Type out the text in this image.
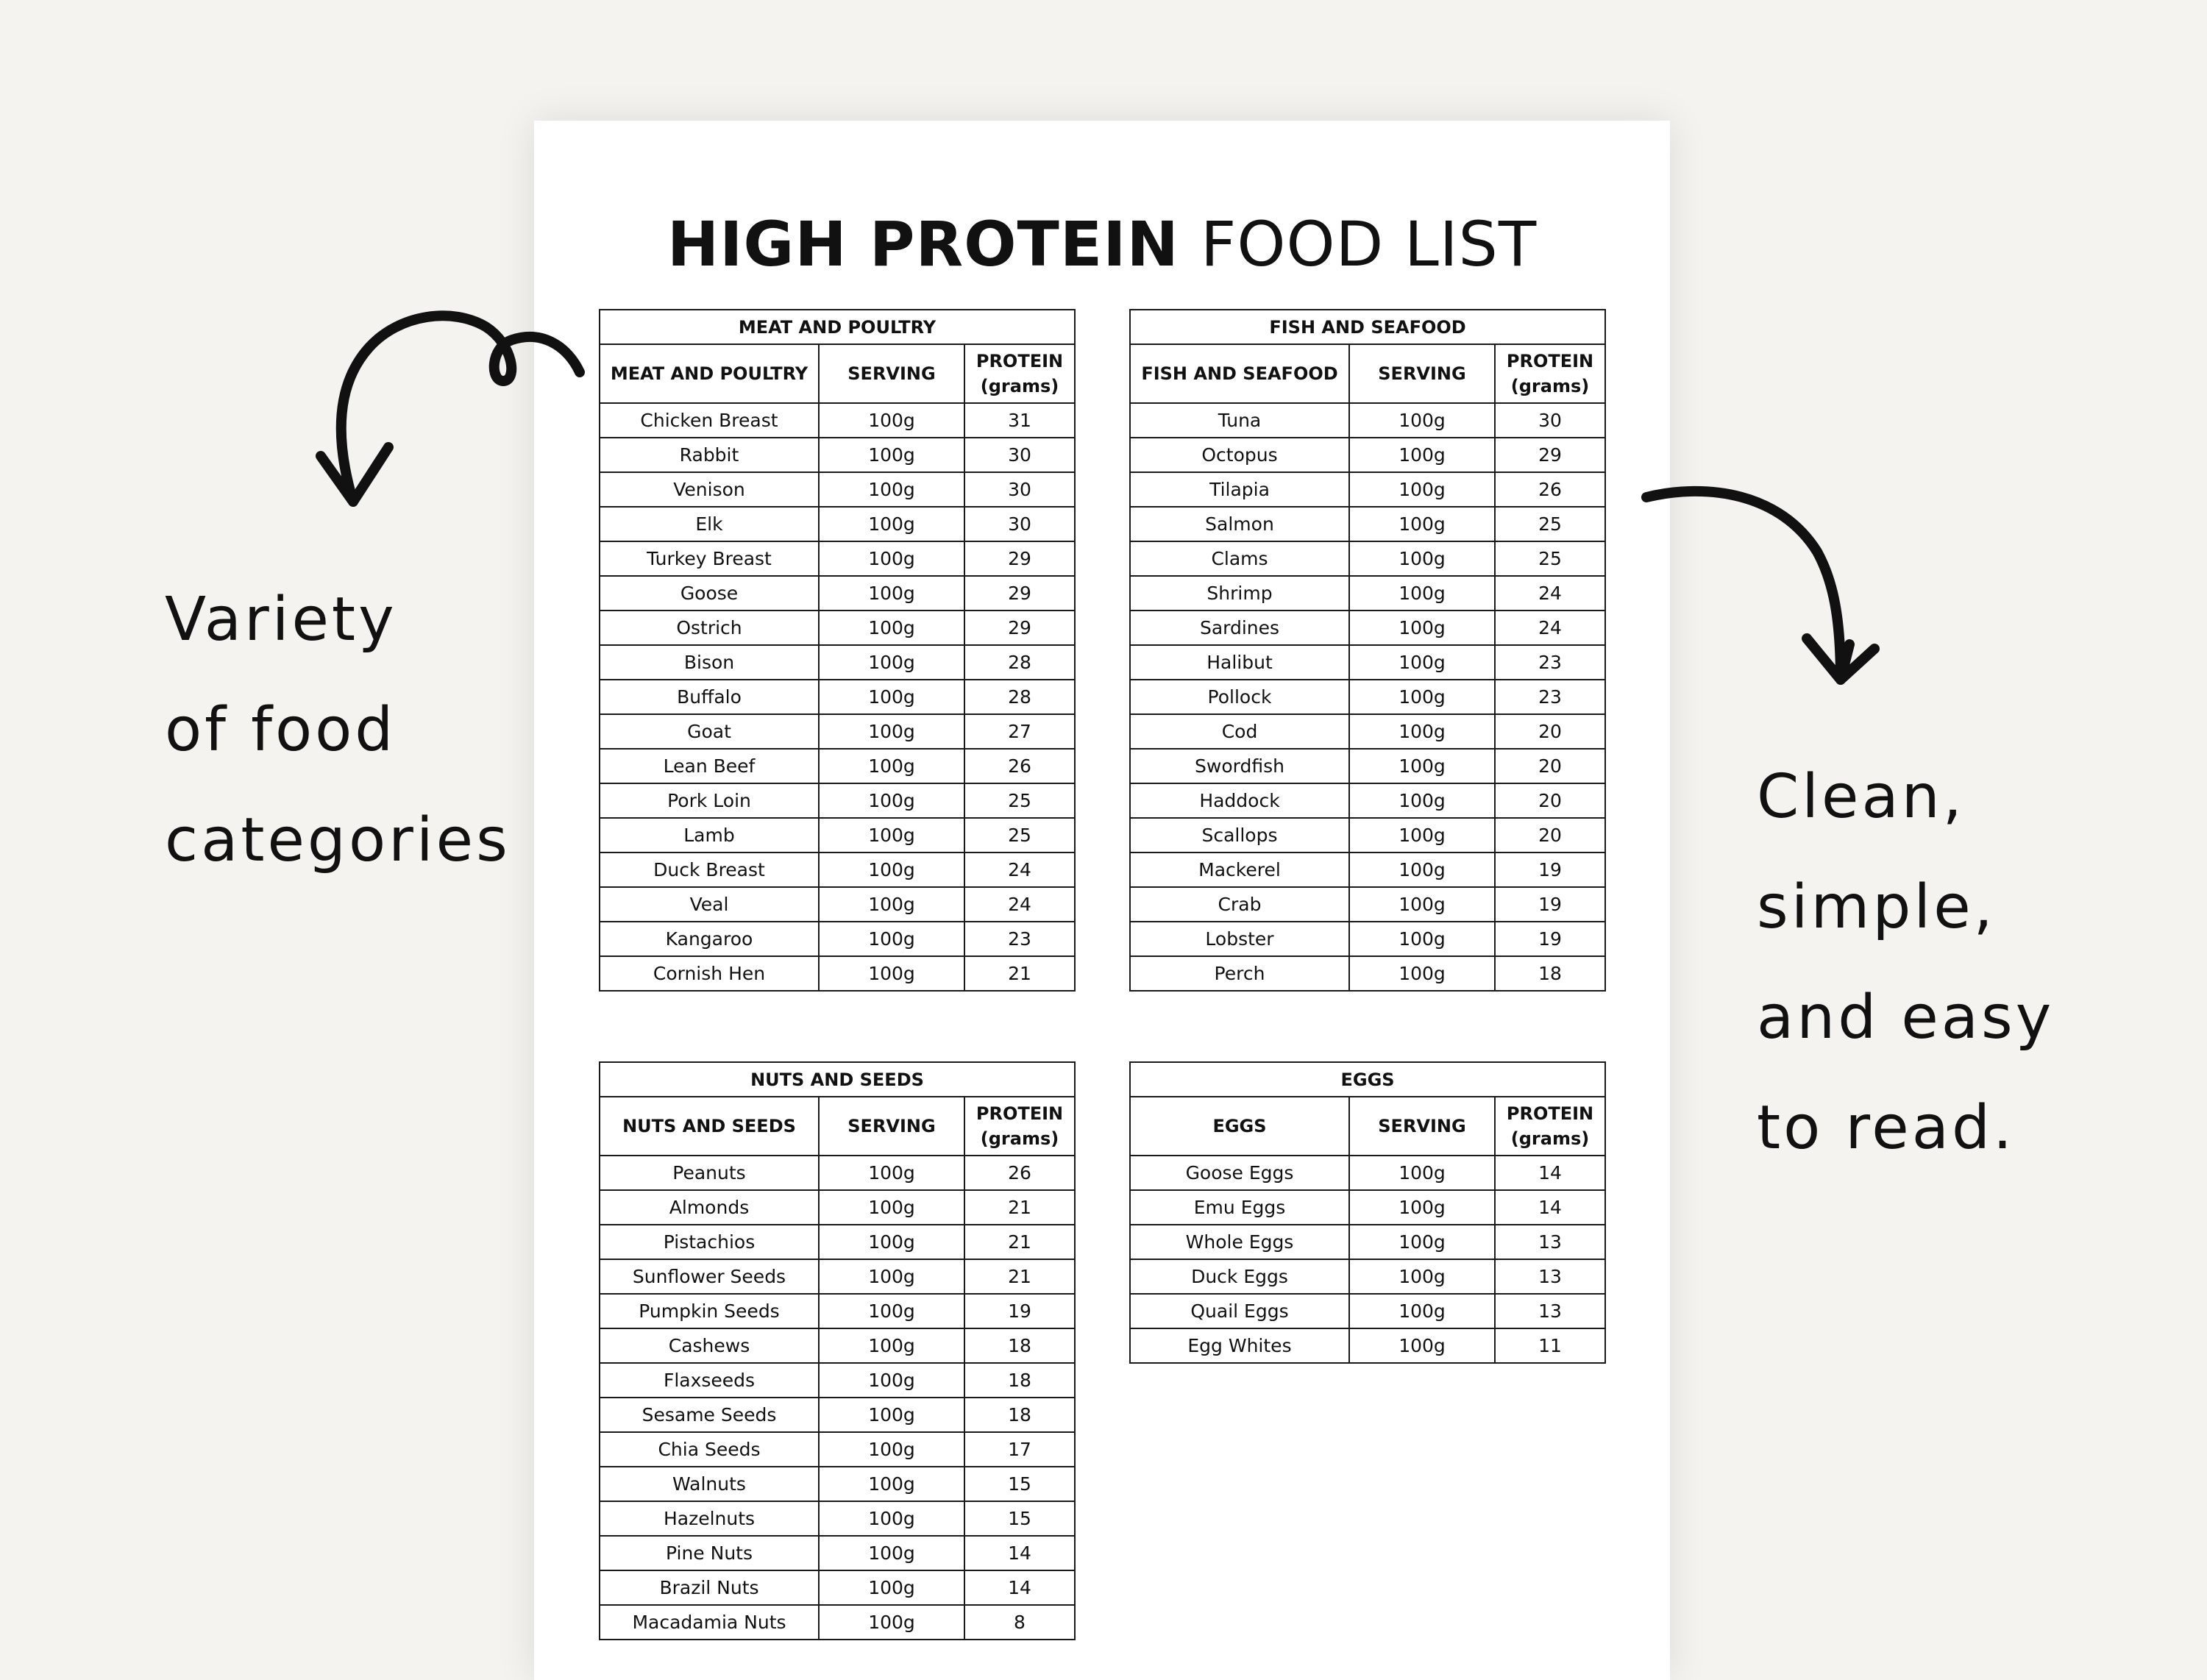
HIGH PROTEIN FOOD LIST
Variety
of food
categories
Clean,
simple,
and easy
to read.
MEAT AND POULTRY		
MEAT AND POULTRY	SERVING	PROTEIN
(grams)
Chicken Breast	100g	31
Rabbit	100g	30
Venison	100g	30
Elk	100g	30
Turkey Breast	100g	29
Goose	100g	29
Ostrich	100g	29
Bison	100g	28
Buffalo	100g	28
Goat	100g	27
Lean Beef	100g	26
Pork Loin	100g	25
Lamb	100g	25
Duck Breast	100g	24
Veal	100g	24
Kangaroo	100g	23
Cornish Hen	100g	21
FISH AND SEAFOOD		
FISH AND SEAFOOD	SERVING	PROTEIN
(grams)
Tuna	100g	30
Octopus	100g	29
Tilapia	100g	26
Salmon	100g	25
Clams	100g	25
Shrimp	100g	24
Sardines	100g	24
Halibut	100g	23
Pollock	100g	23
Cod	100g	20
Swordfish	100g	20
Haddock	100g	20
Scallops	100g	20
Mackerel	100g	19
Crab	100g	19
Lobster	100g	19
Perch	100g	18
NUTS AND SEEDS		
NUTS AND SEEDS	SERVING	PROTEIN
(grams)
Peanuts	100g	26
Almonds	100g	21
Pistachios	100g	21
Sunflower Seeds	100g	21
Pumpkin Seeds	100g	19
Cashews	100g	18
Flaxseeds	100g	18
Sesame Seeds	100g	18
Chia Seeds	100g	17
Walnuts	100g	15
Hazelnuts	100g	15
Pine Nuts	100g	14
Brazil Nuts	100g	14
Macadamia Nuts	100g	8
EGGS		
EGGS	SERVING	PROTEIN
(grams)
Goose Eggs	100g	14
Emu Eggs	100g	14
Whole Eggs	100g	13
Duck Eggs	100g	13
Quail Eggs	100g	13
Egg Whites	100g	11
